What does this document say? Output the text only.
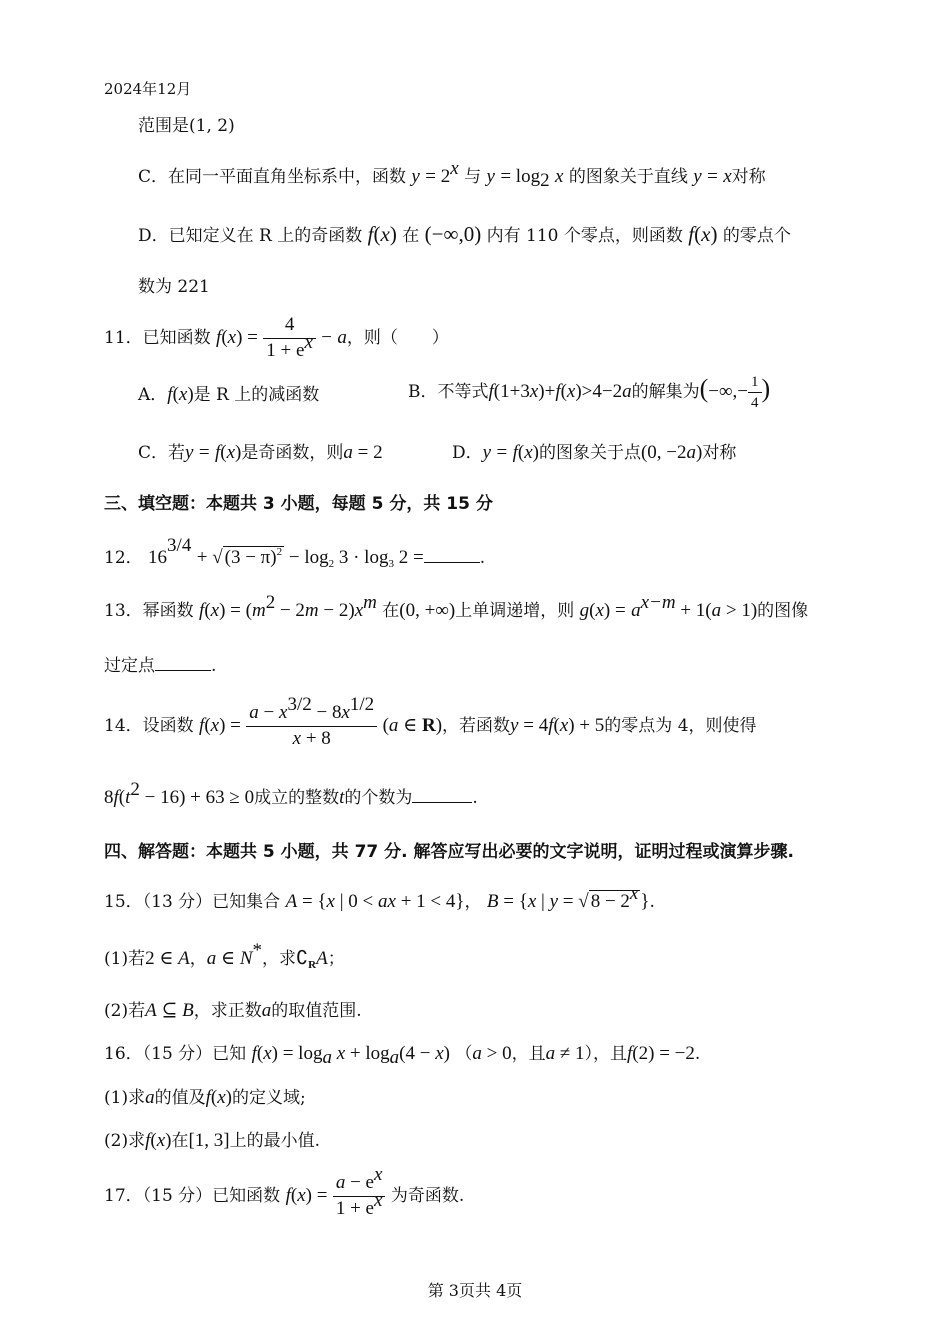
2024年12月
范围是(1, 2)
C．在同一平面直角坐标系中，函数 $y = 2^x$ 与 $y = \log_2 x$ 的图象关于直线 y = x对称
D．已知定义在 R 上的奇函数 f(x) 在 (−∞,0) 内有 110 个零点，则函数 f(x) 的零点个
数为 221
11．已知函数 $f(x) = \frac{4}{1 + e^x} - a$，则（　　）
A．f(x)是 R 上的减函数	B．不等式f(1+3x)+f(x)>4−2a的解集为(−∞,− $\frac{1}{4}$ )
C．若y = f(x)是奇函数，则a = 2	D．y = f(x)的图象关于点(0, −2a)对称
三、填空题：本题共 3 小题，每题 5 分，共 15 分
12． $16^{3/4}$ + √ $(3 - \pi)^2 - \log_2 3 \cdot \log_3 2$ =	.
13．幂函数 $f(x) = (m^2 - 2m - 2)x^m$ 在(0, +∞)上单调递增，则 $g(x) = a^{x-m} + 1(a > 1)$的图像
过定点	.
14．设函数 $f(x) = \frac{a - x^{3/2} - 8x^{1/2}}{x + 8} (a$ ∈ R)，若函数y = 4f(x) + 5的零点为 4，则使得
$8f(t^2 - 16) + 63 \ge 0$成立的整数t的个数为	.
四、解答题：本题共 5 小题，共 77 分. 解答应写出必要的文字说明，证明过程或演算步骤.
15．（13 分）已知集合 A = {x | 0 < ax + 1 < 4}， B = {x | y = √ $8 - 2^x$ }.
(1)若2 ∈ A，a ∈ N*，求$∁_RA$；
(2)若A ⊆ B，求正数a的取值范围.
16．（15 分）已知 $f(x) = \log_a x + \log_a(4 - x) (a > 0$，且a ≠ 1），且f(2) = −2.
(1)求a的值及f(x)的定义域;
(2)求f(x)在[1, 3]上的最小值.
17．（15 分）已知函数 $f(x) = \frac{a - e^x}{1 + e^x}$ 为奇函数.
第 3页共 4页
